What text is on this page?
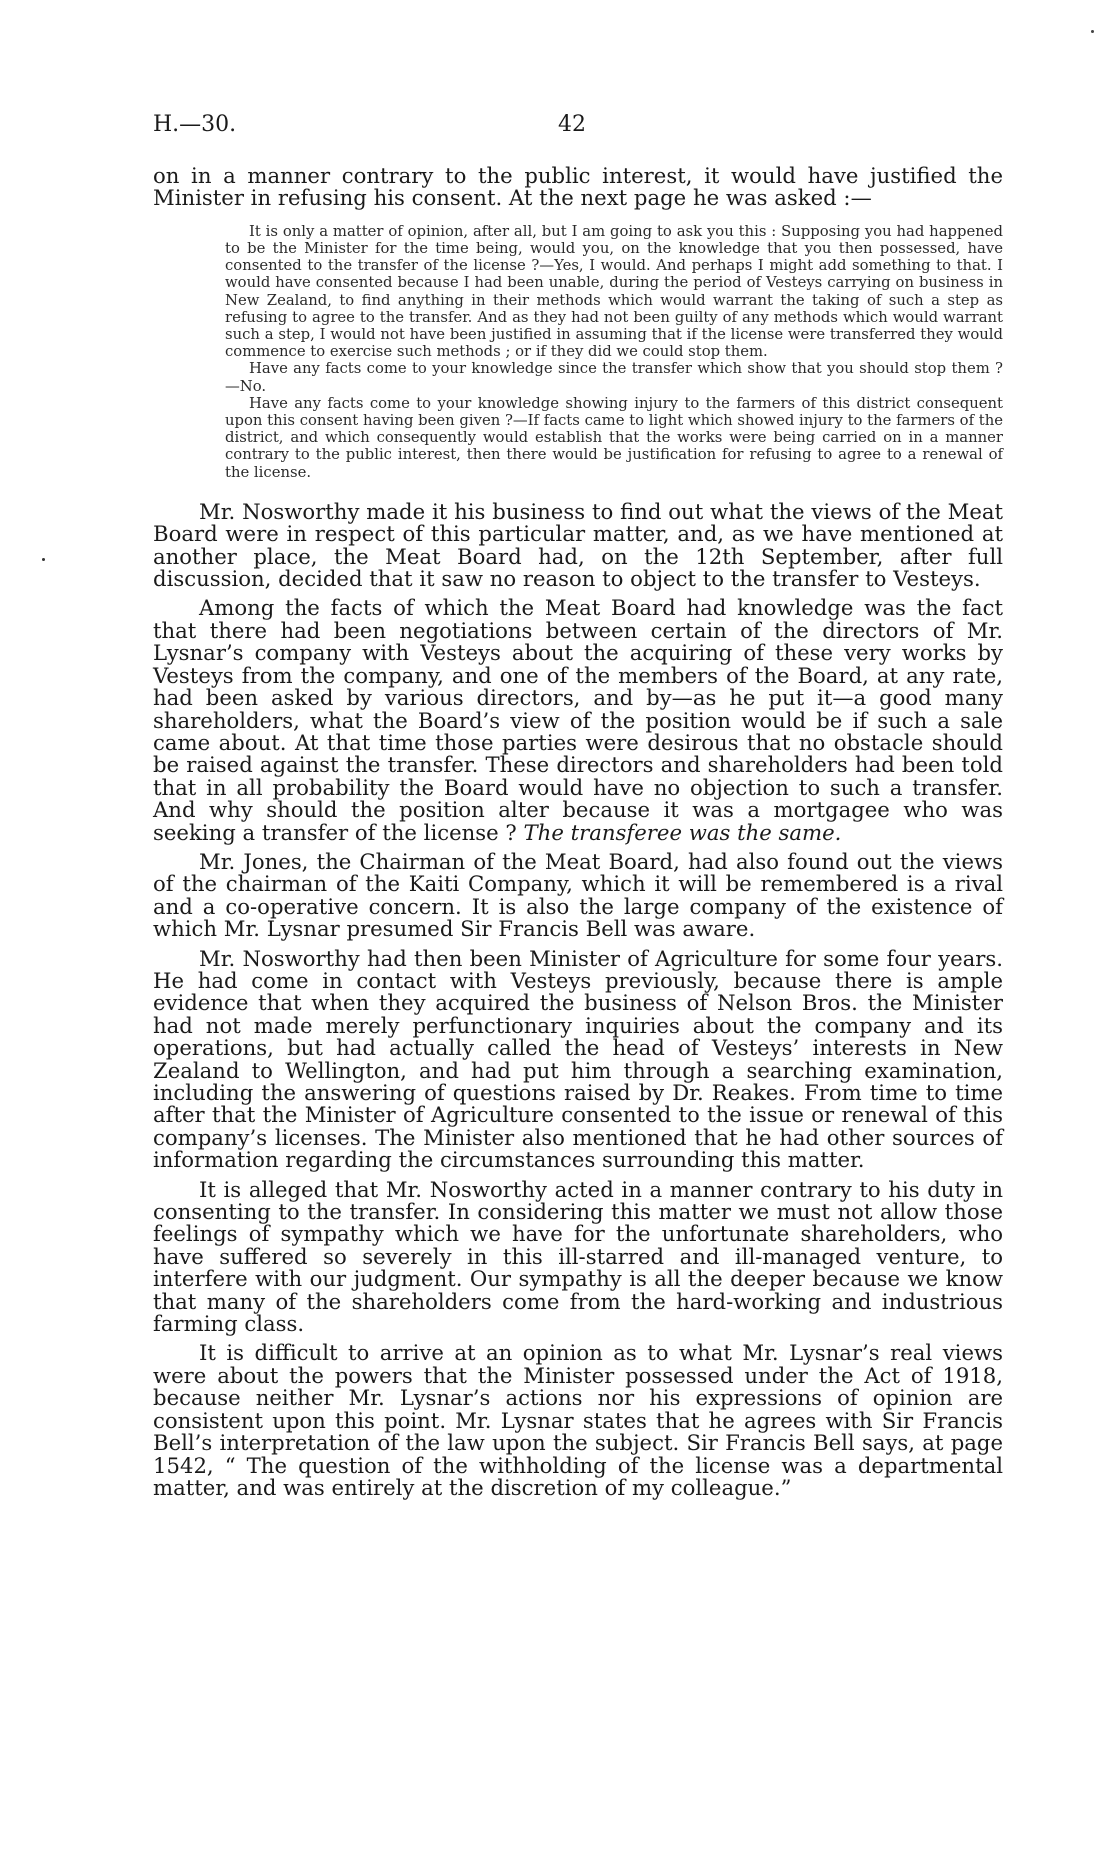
H.—30.	42

on in a manner contrary to the public interest, it would have justified the Minister in refusing his consent. At the next page he was asked :—

It is only a matter of opinion, after all, but I am going to ask you this : Supposing you had happened to be the Minister for the time being, would you, on the knowledge that you then possessed, have consented to the transfer of the license ?—Yes, I would. And perhaps I might add something to that. I would have consented because I had been unable, during the period of Vesteys carrying on business in New Zealand, to find anything in their methods which would warrant the taking of such a step as refusing to agree to the transfer. And as they had not been guilty of any methods which would warrant such a step, I would not have been justified in assuming that if the license were transferred they would commence to exercise such methods ; or if they did we could stop them.

Have any facts come to your knowledge since the transfer which show that you should stop them ?—No.

Have any facts come to your knowledge showing injury to the farmers of this district consequent upon this consent having been given ?—If facts came to light which showed injury to the farmers of the district, and which consequently would establish that the works were being carried on in a manner contrary to the public interest, then there would be justification for refusing to agree to a renewal of the license.

Mr. Nosworthy made it his business to find out what the views of the Meat Board were in respect of this particular matter, and, as we have mentioned at another place, the Meat Board had, on the 12th September, after full discussion, decided that it saw no reason to object to the transfer to Vesteys.

Among the facts of which the Meat Board had knowledge was the fact that there had been negotiations between certain of the directors of Mr. Lysnar’s company with Vesteys about the acquiring of these very works by Vesteys from the company, and one of the members of the Board, at any rate, had been asked by various directors, and by—as he put it—a good many shareholders, what the Board’s view of the position would be if such a sale came about. At that time those parties were desirous that no obstacle should be raised against the transfer. These directors and shareholders had been told that in all probability the Board would have no objection to such a transfer. And why should the position alter because it was a mortgagee who was seeking a transfer of the license ? The transferee was the same.

Mr. Jones, the Chairman of the Meat Board, had also found out the views of the chairman of the Kaiti Company, which it will be remembered is a rival and a co-operative concern. It is also the large company of the existence of which Mr. Lysnar presumed Sir Francis Bell was aware.

Mr. Nosworthy had then been Minister of Agriculture for some four years. He had come in contact with Vesteys previously, because there is ample evidence that when they acquired the business of Nelson Bros. the Minister had not made merely perfunctionary inquiries about the company and its operations, but had actually called the head of Vesteys’ interests in New Zealand to Wellington, and had put him through a searching examination, including the answering of questions raised by Dr. Reakes. From time to time after that the Minister of Agriculture consented to the issue or renewal of this company’s licenses. The Minister also mentioned that he had other sources of information regarding the circumstances surrounding this matter.

It is alleged that Mr. Nosworthy acted in a manner contrary to his duty in consenting to the transfer. In considering this matter we must not allow those feelings of sympathy which we have for the unfortunate shareholders, who have suffered so severely in this ill-starred and ill-managed venture, to interfere with our judgment. Our sympathy is all the deeper because we know that many of the shareholders come from the hard-working and industrious farming class.

It is difficult to arrive at an opinion as to what Mr. Lysnar’s real views were about the powers that the Minister possessed under the Act of 1918, because neither Mr. Lysnar’s actions nor his expressions of opinion are consistent upon this point. Mr. Lysnar states that he agrees with Sir Francis Bell’s interpretation of the law upon the subject. Sir Francis Bell says, at page 1542, “ The question of the withholding of the license was a departmental matter, and was entirely at the discretion of my colleague.”
